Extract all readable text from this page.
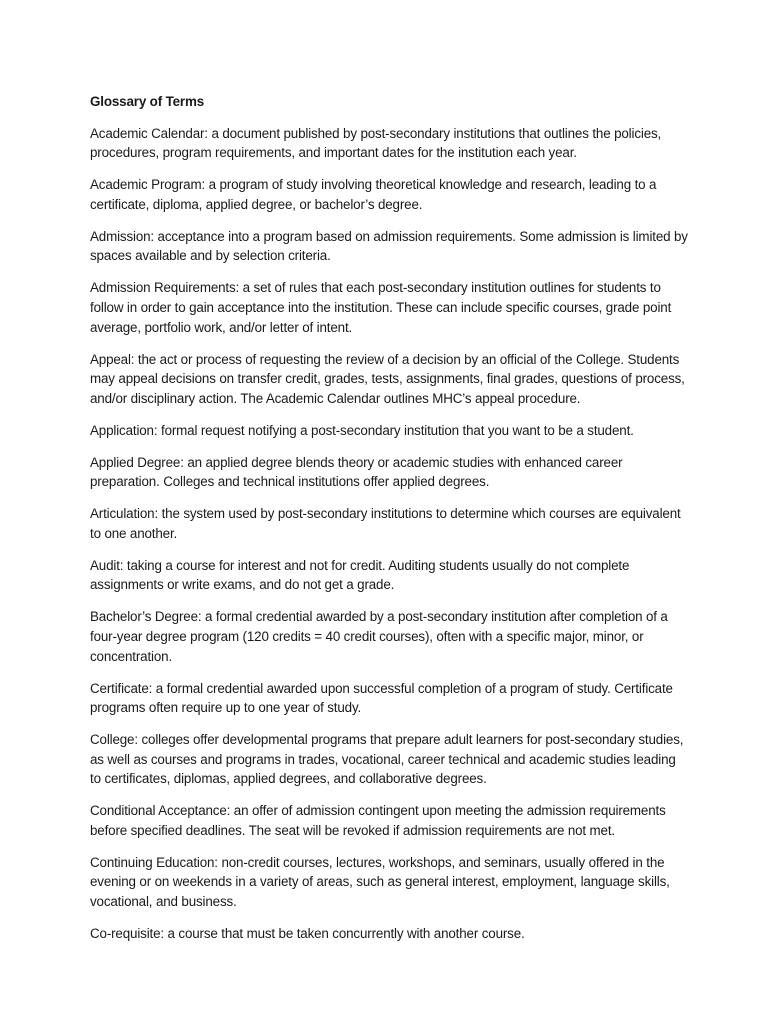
Glossary of Terms
Academic Calendar: a document published by post-secondary institutions that outlines the policies, procedures, program requirements, and important dates for the institution each year.
Academic Program: a program of study involving theoretical knowledge and research, leading to a certificate, diploma, applied degree, or bachelor’s degree.
Admission: acceptance into a program based on admission requirements. Some admission is limited by spaces available and by selection criteria.
Admission Requirements: a set of rules that each post-secondary institution outlines for students to follow in order to gain acceptance into the institution. These can include specific courses, grade point average, portfolio work, and/or letter of intent.
Appeal: the act or process of requesting the review of a decision by an official of the College. Students may appeal decisions on transfer credit, grades, tests, assignments, final grades, questions of process, and/or disciplinary action. The Academic Calendar outlines MHC’s appeal procedure.
Application: formal request notifying a post-secondary institution that you want to be a student.
Applied Degree: an applied degree blends theory or academic studies with enhanced career preparation. Colleges and technical institutions offer applied degrees.
Articulation: the system used by post-secondary institutions to determine which courses are equivalent to one another.
Audit: taking a course for interest and not for credit. Auditing students usually do not complete assignments or write exams, and do not get a grade.
Bachelor’s Degree: a formal credential awarded by a post-secondary institution after completion of a four-year degree program (120 credits = 40 credit courses), often with a specific major, minor, or concentration.
Certificate: a formal credential awarded upon successful completion of a program of study. Certificate programs often require up to one year of study.
College: colleges offer developmental programs that prepare adult learners for post-secondary studies, as well as courses and programs in trades, vocational, career technical and academic studies leading to certificates, diplomas, applied degrees, and collaborative degrees.
Conditional Acceptance: an offer of admission contingent upon meeting the admission requirements before specified deadlines. The seat will be revoked if admission requirements are not met.
Continuing Education: non-credit courses, lectures, workshops, and seminars, usually offered in the evening or on weekends in a variety of areas, such as general interest, employment, language skills, vocational, and business.
Co-requisite: a course that must be taken concurrently with another course.
